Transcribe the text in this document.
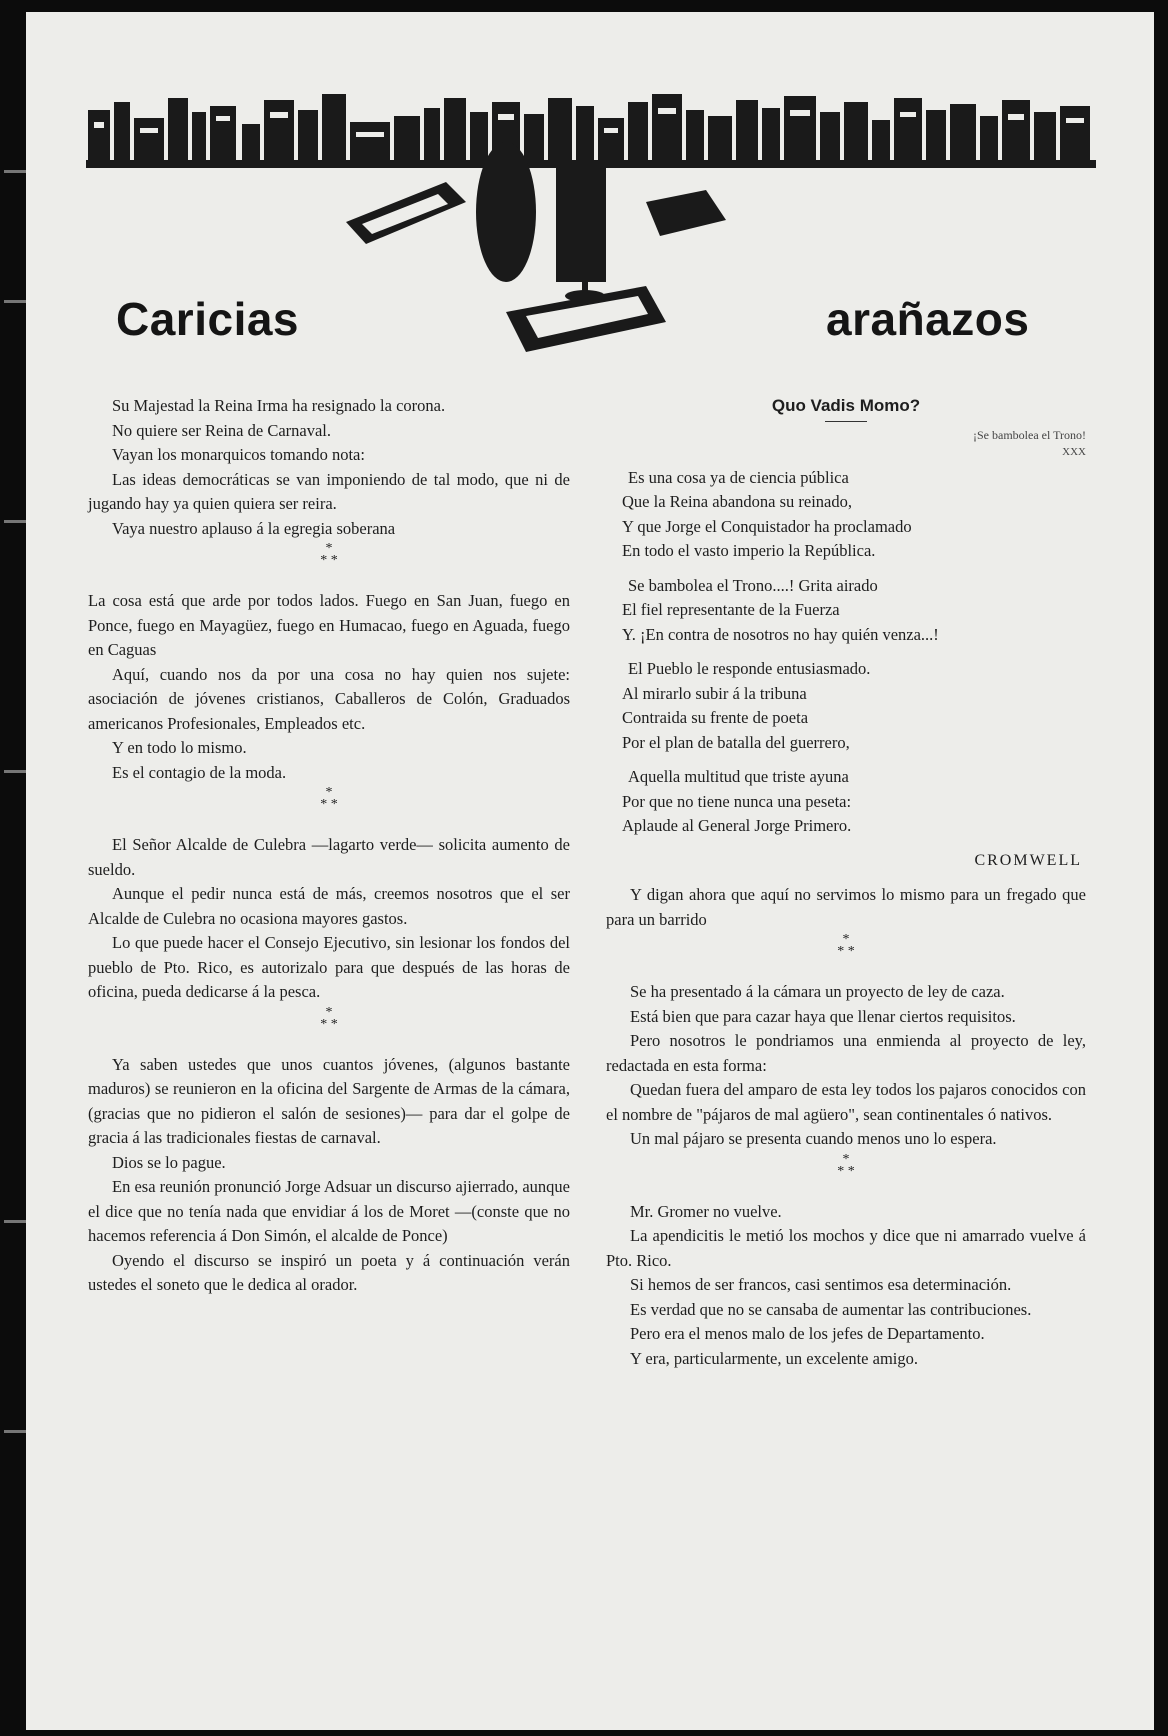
Caricias	arañazos

Su Majestad la Reina Irma ha resignado la corona.

No quiere ser Reina de Carnaval.

Vayan los monarquicos tomando nota:

Las ideas democráticas se van imponiendo de tal modo, que ni de jugando hay ya quien quiera ser reira.

Vaya nuestro aplauso á la egregia soberana

*
* *

La cosa está que arde por todos lados. Fuego en San Juan, fuego en Ponce, fuego en Mayagüez, fuego en Humacao, fuego en Aguada, fuego en Caguas

Aquí, cuando nos da por una cosa no hay quien nos sujete: asociación de jóvenes cristianos, Caballeros de Colón, Graduados americanos Profesionales, Empleados etc.

Y en todo lo mismo.

Es el contagio de la moda.

*
* *

El Señor Alcalde de Culebra —lagarto verde— solicita aumento de sueldo.

Aunque el pedir nunca está de más, creemos nosotros que el ser Alcalde de Culebra no ocasiona mayores gastos.

Lo que puede hacer el Consejo Ejecutivo, sin lesionar los fondos del pueblo de Pto. Rico, es autorizalo para que después de las horas de oficina, pueda dedicarse á la pesca.

*
* *

Ya saben ustedes que unos cuantos jóvenes, (algunos bastante maduros) se reunieron en la oficina del Sargente de Armas de la cámara, (gracias que no pidieron el salón de sesiones)— para dar el golpe de gracia á las tradicionales fiestas de carnaval.

Dios se lo pague.

En esa reunión pronunció Jorge Adsuar un discurso ajierrado, aunque el dice que no tenía nada que envidiar á los de Moret —(conste que no hacemos referencia á Don Simón, el alcalde de Ponce)

Oyendo el discurso se inspiró un poeta y á continuación verán ustedes el soneto que le dedica al orador.

Quo Vadis Momo?
¡Se bambolea el Trono!
XXX
Es una cosa ya de ciencia pública
Que la Reina abandona su reinado,
Y que Jorge el Conquistador ha proclamado
En todo el vasto imperio la República.
Se bambolea el Trono....! Grita airado
El fiel representante de la Fuerza
Y. ¡En contra de nosotros no hay quién venza...!
El Pueblo le responde entusiasmado.
Al mirarlo subir á la tribuna
Contraida su frente de poeta
Por el plan de batalla del guerrero,
Aquella multitud que triste ayuna
Por que no tiene nunca una peseta:
Aplaude al General Jorge Primero.
CROMWELL

Y digan ahora que aquí no servimos lo mismo para un fregado que para un barrido

*
* *

Se ha presentado á la cámara un proyecto de ley de caza.

Está bien que para cazar haya que llenar ciertos requisitos.

Pero nosotros le pondriamos una enmienda al proyecto de ley, redactada en esta forma:

Quedan fuera del amparo de esta ley todos los pajaros conocidos con el nombre de "pájaros de mal agüero", sean continentales ó nativos.

Un mal pájaro se presenta cuando menos uno lo espera.

*
* *

Mr. Gromer no vuelve.

La apendicitis le metió los mochos y dice que ni amarrado vuelve á Pto. Rico.

Si hemos de ser francos, casi sentimos esa determinación.

Es verdad que no se cansaba de aumentar las contribuciones.

Pero era el menos malo de los jefes de Departamento.

Y era, particularmente, un excelente amigo.
